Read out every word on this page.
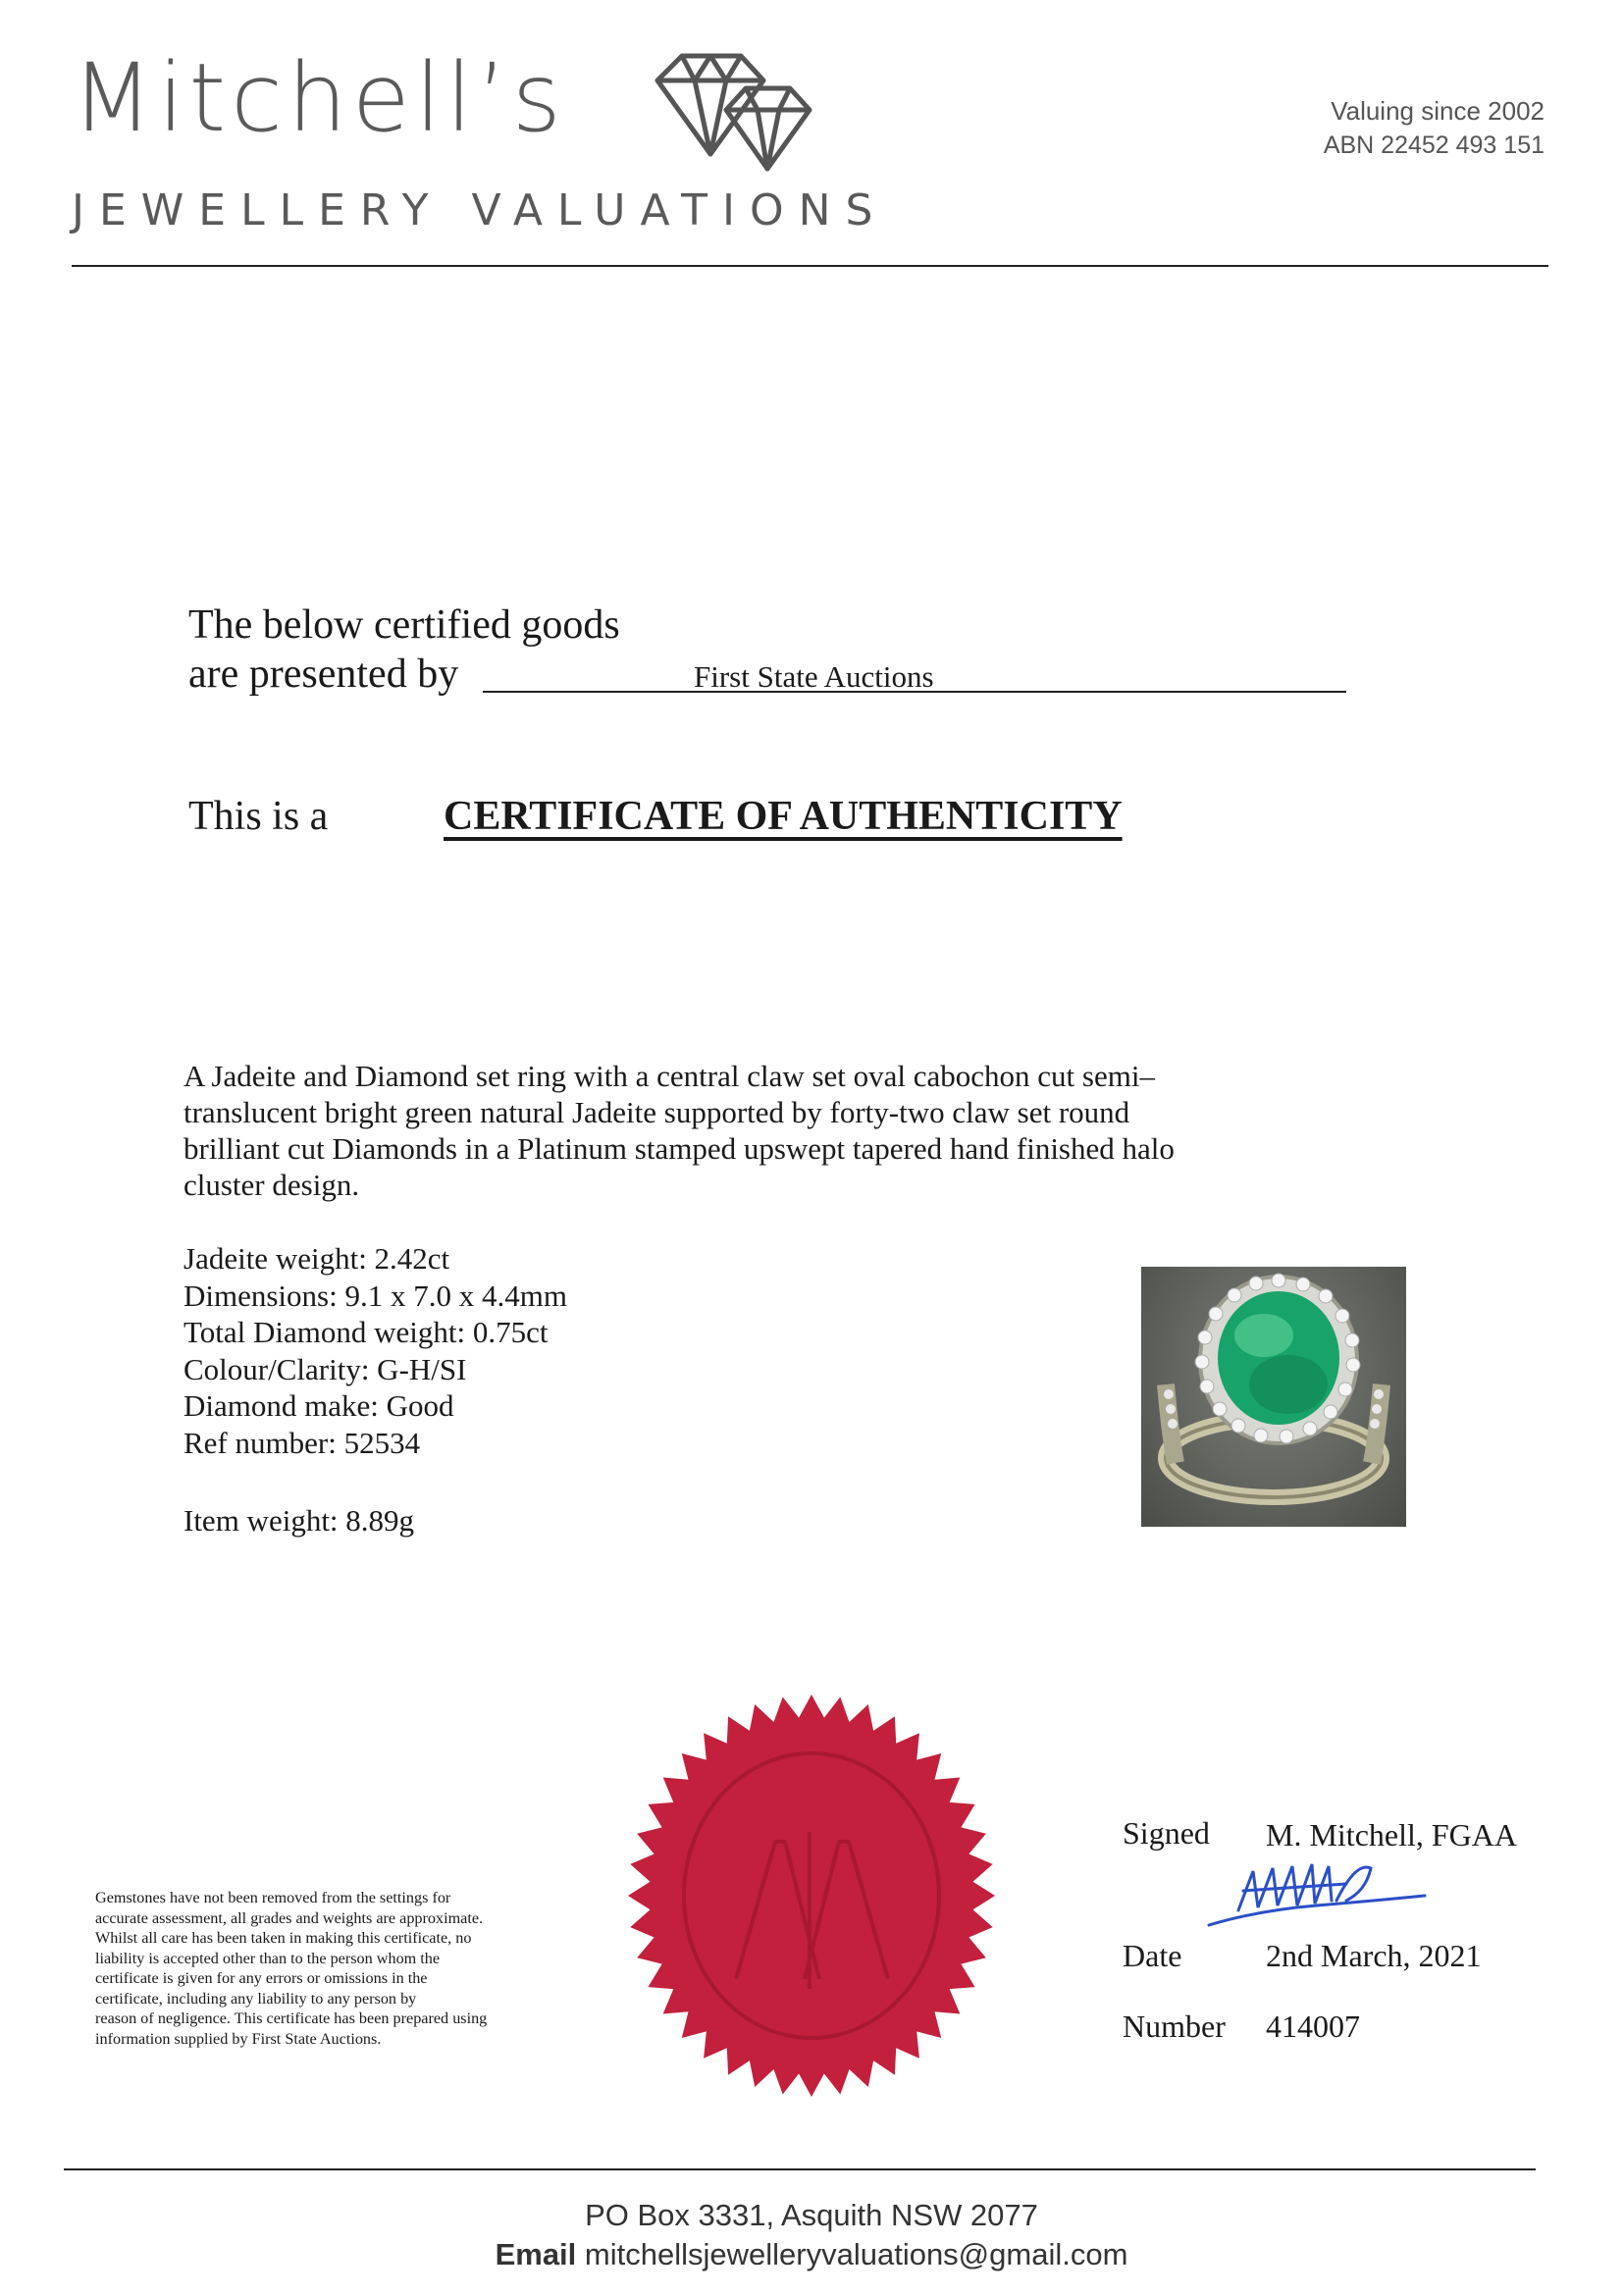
Mitchell’s
JEWELLERY VALUATIONS
Valuing since 2002
ABN 22452 493 151
The below certified goods
are presented by	First State Auctions
This is a	CERTIFICATE OF AUTHENTICITY
A Jadeite and Diamond set ring with a central claw set oval cabochon cut semi–translucent bright green natural Jadeite supported by forty-two claw set round brilliant cut Diamonds in a Platinum stamped upswept tapered hand finished halo cluster design.
Jadeite weight: 2.42ct
Dimensions: 9.1 x 7.0 x 4.4mm
Total Diamond weight: 0.75ct
Colour/Clarity: G-H/SI
Diamond make: Good
Ref number: 52534
Item weight: 8.89g
Gemstones have not been removed from the settings for
accurate assessment, all grades and weights are approximate.
Whilst all care has been taken in making this certificate, no
liability is accepted other than to the person whom the
certificate is given for any errors or omissions in the
certificate, including any liability to any person by
reason of negligence. This certificate has been prepared using
information supplied by First State Auctions.
Signed M. Mitchell, FGAA
Date	2nd March, 2021
Number 414007
PO Box 3331, Asquith NSW 2077
Email mitchellsjewelleryvaluations@gmail.com
